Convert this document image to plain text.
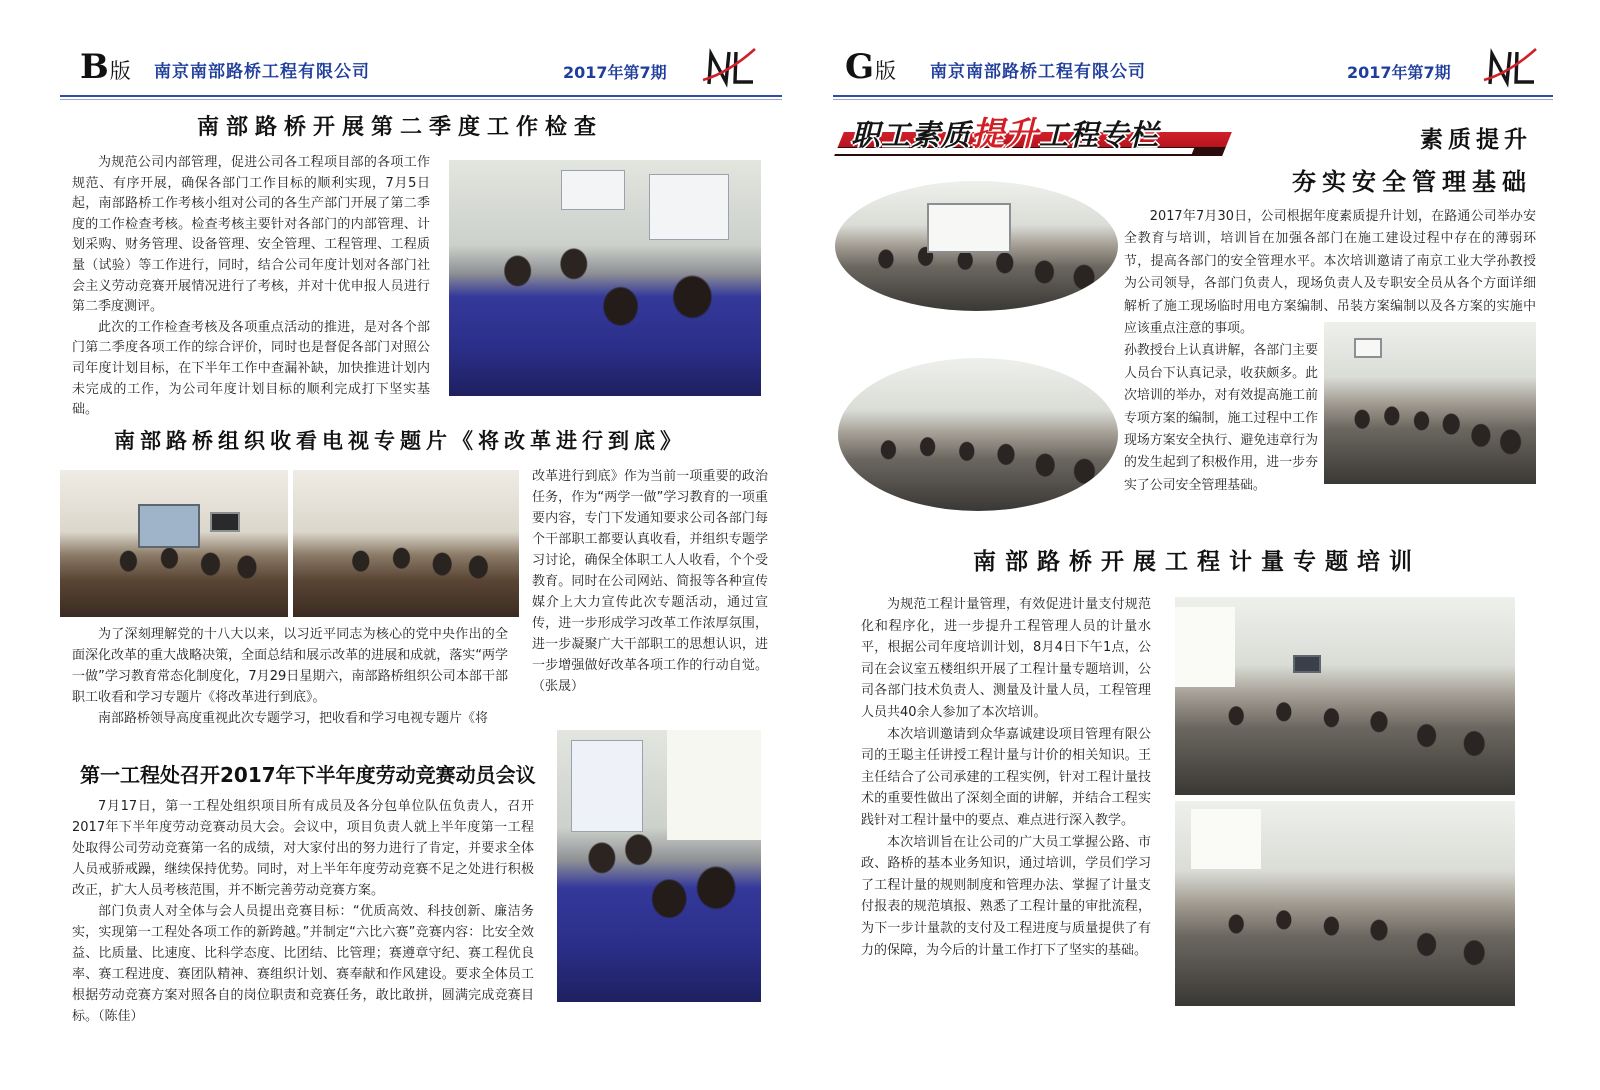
B 版 南京南部路桥工程有限公司	2017年第7期
南部路桥开展第二季度工作检查

为规范公司内部管理，促进公司各工程项目部的各项工作规范、有序开展，确保各部门工作目标的顺利实现，7月5日起，南部路桥工作考核小组对公司的各生产部门开展了第二季度的工作检查考核。检查考核主要针对各部门的内部管理、计划采购、财务管理、设备管理、安全管理、工程管理、工程质量（试验）等工作进行，同时，结合公司年度计划对各部门社会主义劳动竞赛开展情况进行了考核，并对十优申报人员进行第二季度测评。

此次的工作检查考核及各项重点活动的推进，是对各个部门第二季度各项工作的综合评价，同时也是督促各部门对照公司年度计划目标，在下半年工作中查漏补缺，加快推进计划内未完成的工作，为公司年度计划目标的顺利完成打下坚实基础。

南部路桥组织收看电视专题片《将改革进行到底》

改革进行到底》作为当前一项重要的政治任务，作为“两学一做”学习教育的一项重要内容，专门下发通知要求公司各部门每个干部职工都要认真收看，并组织专题学习讨论，确保全体职工人人收看，个个受教育。同时在公司网站、简报等各种宣传媒介上大力宣传此次专题活动，通过宣传，进一步形成学习改革工作浓厚氛围，进一步凝聚广大干部职工的思想认识，进一步增强做好改革各项工作的行动自觉。（张晟）

为了深刻理解党的十八大以来，以习近平同志为核心的党中央作出的全面深化改革的重大战略决策，全面总结和展示改革的进展和成就，落实“两学一做”学习教育常态化制度化，7月29日星期六，南部路桥组织公司本部干部职工收看和学习专题片《将改革进行到底》。

南部路桥领导高度重视此次专题学习，把收看和学习电视专题片《将

第一工程处召开2017年下半年度劳动竞赛动员会议

7月17日，第一工程处组织项目所有成员及各分包单位队伍负责人，召开2017年下半年度劳动竞赛动员大会。会议中，项目负责人就上半年度第一工程处取得公司劳动竞赛第一名的成绩，对大家付出的努力进行了肯定，并要求全体人员戒骄戒躁，继续保持优势。同时，对上半年年度劳动竞赛不足之处进行积极改正，扩大人员考核范围，并不断完善劳动竞赛方案。

部门负责人对全体与会人员提出竞赛目标：“优质高效、科技创新、廉洁务实，实现第一工程处各项工作的新跨越。”并制定“六比六赛”竞赛内容：比安全效益、比质量、比速度、比科学态度、比团结、比管理；赛遵章守纪、赛工程优良率、赛工程进度、赛团队精神、赛组织计划、赛奉献和作风建设。要求全体员工根据劳动竞赛方案对照各自的岗位职责和竞赛任务，敢比敢拼，圆满完成竞赛目标。（陈佳）

G 版 南京南部路桥工程有限公司	2017年第7期
职工素质提升工程专栏	素质提升
夯实安全管理基础

2017年7月30日，公司根据年度素质提升计划，在路通公司举办安全教育与培训，培训旨在加强各部门在施工建设过程中存在的薄弱环节，提高各部门的安全管理水平。本次培训邀请了南京工业大学孙教授为公司领导，各部门负责人，现场负责人及专职安全员从各个方面详细解析了施工现场临时用电方案编制、吊装方案编制以及各方案的实施中应该重点注意的事项。

孙教授台上认真讲解，各部门主要人员台下认真记录，收获颇多。此次培训的举办，对有效提高施工前专项方案的编制，施工过程中工作现场方案安全执行、避免违章行为的发生起到了积极作用，进一步夯实了公司安全管理基础。

南部路桥开展工程计量专题培训

为规范工程计量管理，有效促进计量支付规范化和程序化，进一步提升工程管理人员的计量水平，根据公司年度培训计划，8月4日下午1点，公司在会议室五楼组织开展了工程计量专题培训，公司各部门技术负责人、测量及计量人员，工程管理人员共40余人参加了本次培训。

本次培训邀请到众华嘉诚建设项目管理有限公司的王聪主任讲授工程计量与计价的相关知识。王主任结合了公司承建的工程实例，针对工程计量技术的重要性做出了深刻全面的讲解，并结合工程实践针对工程计量中的要点、难点进行深入教学。

本次培训旨在让公司的广大员工掌握公路、市政、路桥的基本业务知识，通过培训，学员们学习了工程计量的规则制度和管理办法、掌握了计量支付报表的规范填报、熟悉了工程计量的审批流程，为下一步计量款的支付及工程进度与质量提供了有力的保障，为今后的计量工作打下了坚实的基础。
